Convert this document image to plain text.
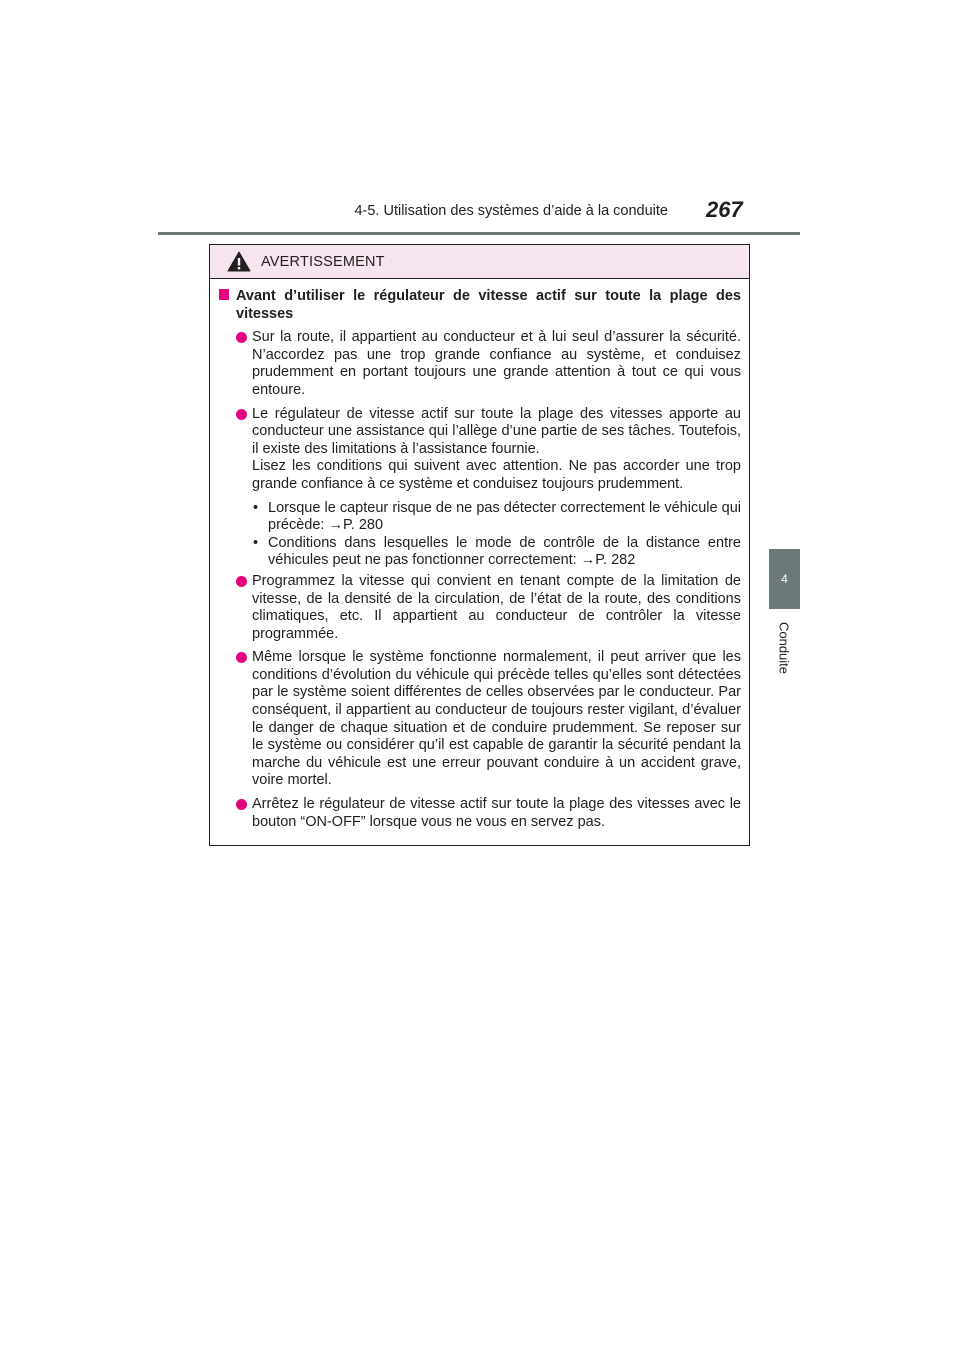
4-5. Utilisation des systèmes d’aide à la conduite 267
4
Conduite
AVERTISSEMENT
Avant d’utiliser le régulateur de vitesse actif sur toute la plage des vitesses
Sur la route, il appartient au conducteur et à lui seul d’assurer la sécurité. N’accordez pas une trop grande confiance au système, et conduisez prudemment en portant toujours une grande attention à tout ce qui vous entoure.
Le régulateur de vitesse actif sur toute la plage des vitesses apporte au conducteur une assistance qui l’allège d’une partie de ses tâches. Toutefois, il existe des limitations à l’assistance fournie.
Lisez les conditions qui suivent avec attention. Ne pas accorder une trop grande confiance à ce système et conduisez toujours prudemment.
• Lorsque le capteur risque de ne pas détecter correctement le véhicule qui précède: →P. 280
• Conditions dans lesquelles le mode de contrôle de la distance entre véhicules peut ne pas fonctionner correctement: →P. 282
Programmez la vitesse qui convient en tenant compte de la limitation de vitesse, de la densité de la circulation, de l’état de la route, des conditions climatiques, etc. Il appartient au conducteur de contrôler la vitesse programmée.
Même lorsque le système fonctionne normalement, il peut arriver que les conditions d’évolution du véhicule qui précède telles qu’elles sont détectées par le système soient différentes de celles observées par le conducteur. Par conséquent, il appartient au conducteur de toujours rester vigilant, d’évaluer le danger de chaque situation et de conduire prudemment. Se reposer sur le système ou considérer qu’il est capable de garantir la sécurité pendant la marche du véhicule est une erreur pouvant conduire à un accident grave, voire mortel.
Arrêtez le régulateur de vitesse actif sur toute la plage des vitesses avec le bouton “ON-OFF” lorsque vous ne vous en servez pas.
